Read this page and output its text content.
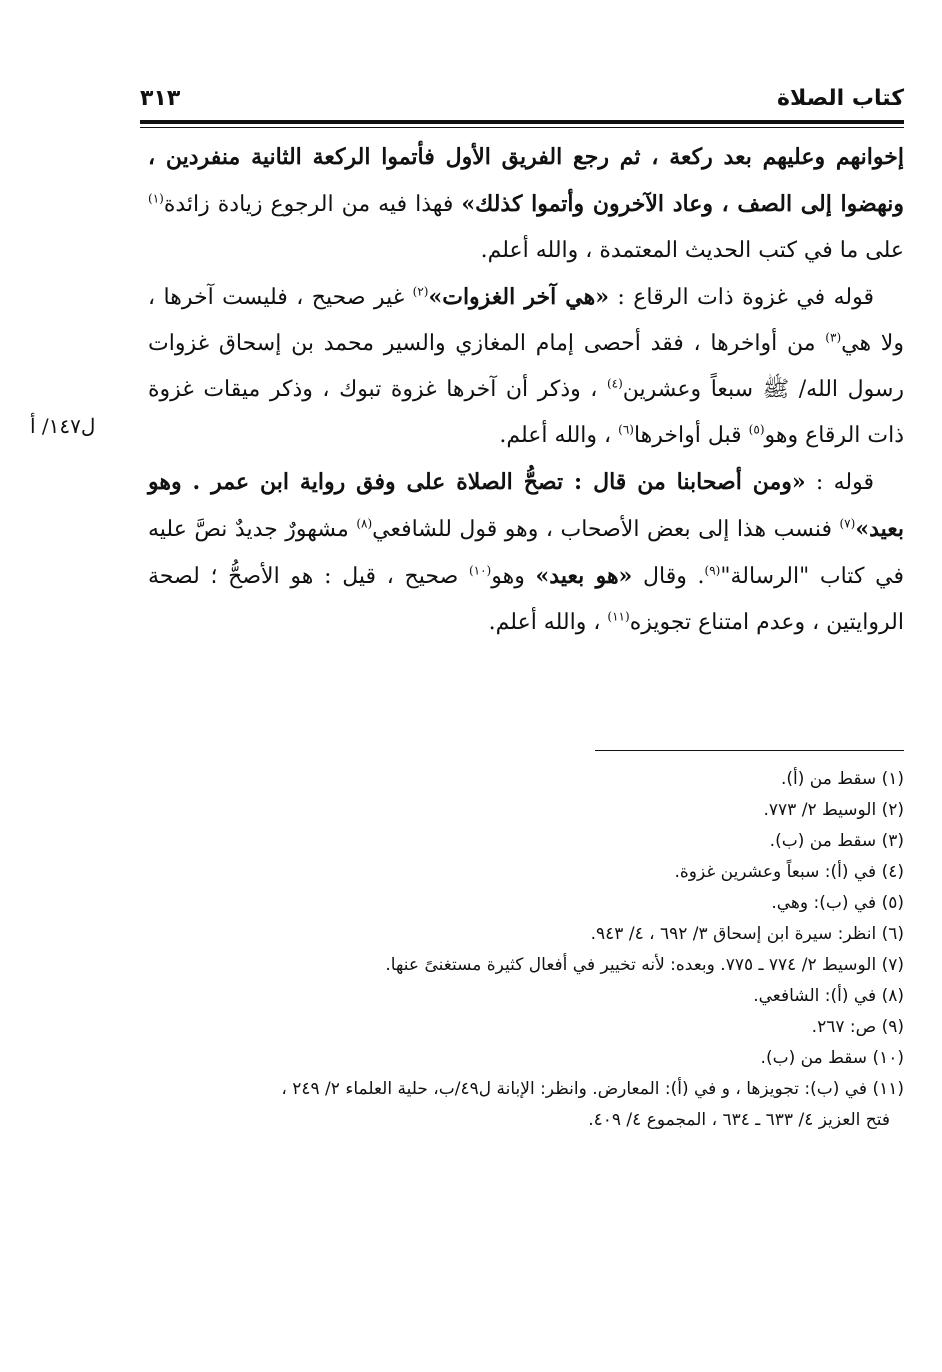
كتاب الصلاة
٣١٣
ل١٤٧/ أ

إخوانهم وعليهم بعد ركعة ، ثم رجع الفريق الأول فأتموا الركعة الثانية منفردين ، ونهضوا إلى الصف ، وعاد الآخرون وأتموا كذلك» فهذا فيه من الرجوع زيادة زائدة$^{(١)}$ على ما في كتب الحديث المعتمدة ، والله أعلم.

قوله في غزوة ذات الرقاع : «هي آخر الغزوات»$^{(٢)}$ غير صحيح ، فليست آخرها ، ولا هي$^{(٣)}$ من أواخرها ، فقد أحصى إمام المغازي والسير محمد بن إسحاق غزوات رسول الله/ ﷺ سبعاً وعشرين$^{(٤)}$ ، وذكر أن آخرها غزوة تبوك ، وذكر ميقات غزوة ذات الرقاع وهو$^{(٥)}$ قبل أواخرها$^{(٦)}$ ، والله أعلم.

قوله : «ومن أصحابنا من قال : تصحُّ الصلاة على وفق رواية ابن عمر . وهو بعيد»$^{(٧)}$ فنسب هذا إلى بعض الأصحاب ، وهو قول للشافعي$^{(٨)}$ مشهورٌ جديدٌ نصَّ عليه في كتاب "الرسالة"$^{(٩)}$. وقال «هو بعيد» وهو$^{(١٠)}$ صحيح ، قيل : هو الأصحُّ ؛ لصحة الروايتين ، وعدم امتناع تجويزه$^{(١١)}$ ، والله أعلم.

(١) سقط من (أ).

(٢) الوسيط ٢/ ٧٧٣.

(٣) سقط من (ب).

(٤) في (أ): سبعاً وعشرين غزوة.

(٥) في (ب): وهي.

(٦) انظر: سيرة ابن إسحاق ٣/ ٦٩٢ ، ٤/ ٩٤٣.

(٧) الوسيط ٢/ ٧٧٤ ـ ٧٧٥. وبعده: لأنه تخيير في أفعال كثيرة مستغنىً عنها.

(٨) في (أ): الشافعي.

(٩) ص: ٢٦٧.

(١٠) سقط من (ب).

(١١) في (ب): تجويزها ، و في (أ): المعارض. وانظر: الإبانة ل٤٩/ب، حلية العلماء ٢/ ٢٤٩ ،

فتح العزيز ٤/ ٦٣٣ ـ ٦٣٤ ، المجموع ٤/ ٤٠٩.
